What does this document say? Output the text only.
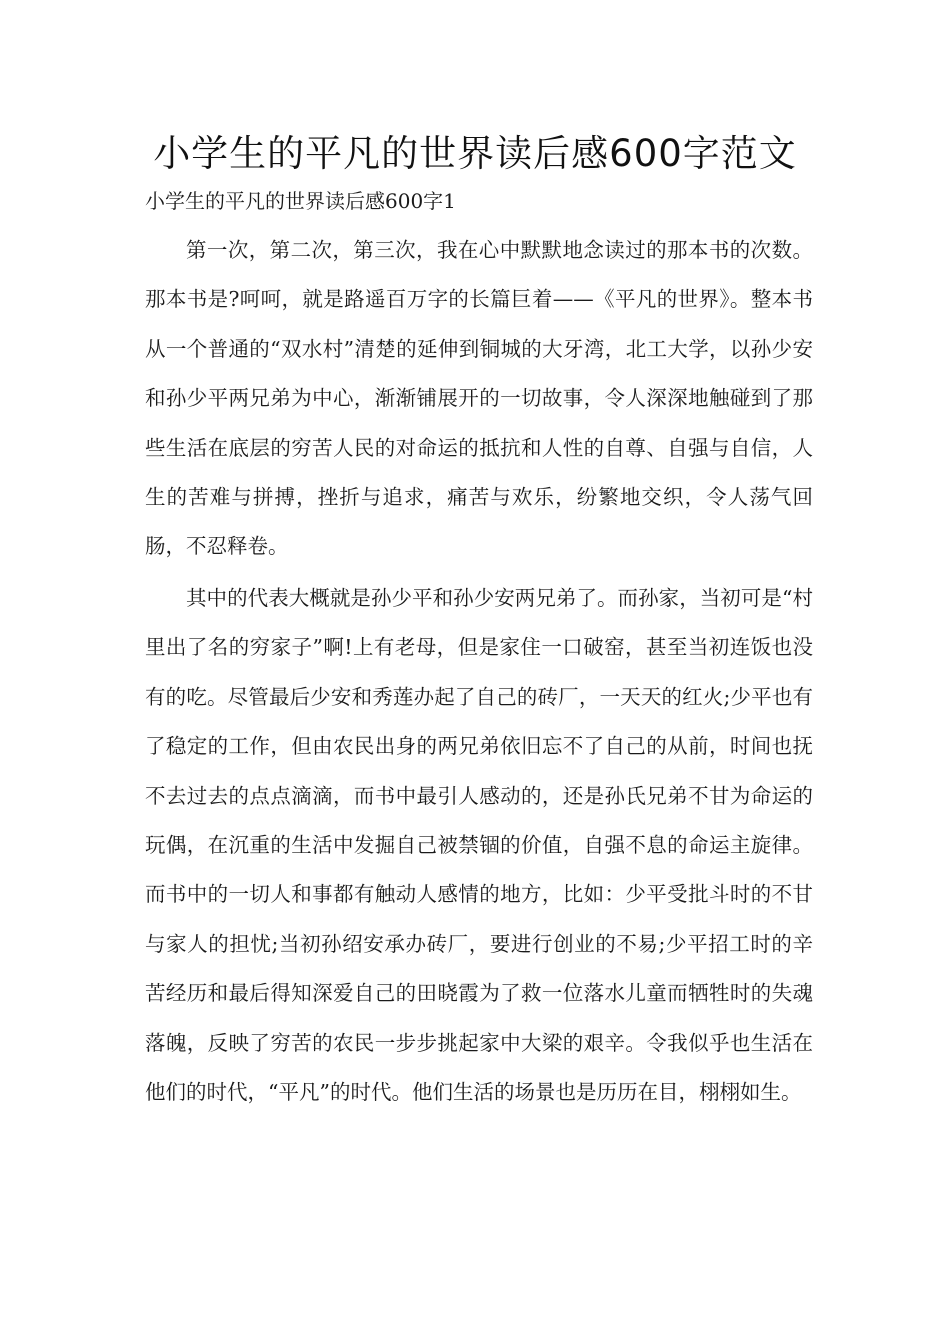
小学生的平凡的世界读后感600字范文
小学生的平凡的世界读后感600字1
第一次，第二次，第三次，我在心中默默地念读过的那本书的次数。那本书是?呵呵，就是路遥百万字的长篇巨着——《平凡的世界》。整本书从一个普通的“双水村”清楚的延伸到铜城的大牙湾，北工大学，以孙少安和孙少平两兄弟为中心，渐渐铺展开的一切故事，令人深深地触碰到了那些生活在底层的穷苦人民的对命运的抵抗和人性的自尊、自强与自信，人生的苦难与拼搏，挫折与追求，痛苦与欢乐，纷繁地交织，令人荡气回肠，不忍释卷。
其中的代表大概就是孙少平和孙少安两兄弟了。而孙家，当初可是“村里出了名的穷家子”啊!上有老母，但是家住一口破窑，甚至当初连饭也没有的吃。尽管最后少安和秀莲办起了自己的砖厂，一天天的红火;少平也有了稳定的工作，但由农民出身的两兄弟依旧忘不了自己的从前，时间也抚不去过去的点点滴滴，而书中最引人感动的，还是孙氏兄弟不甘为命运的玩偶，在沉重的生活中发掘自己被禁锢的价值，自强不息的命运主旋律。而书中的一切人和事都有触动人感情的地方，比如：少平受批斗时的不甘与家人的担忧;当初孙绍安承办砖厂，要进行创业的不易;少平招工时的辛苦经历和最后得知深爱自己的田晓霞为了救一位落水儿童而牺牲时的失魂落魄，反映了穷苦的农民一步步挑起家中大梁的艰辛。令我似乎也生活在他们的时代，“平凡”的时代。他们生活的场景也是历历在目，栩栩如生。
